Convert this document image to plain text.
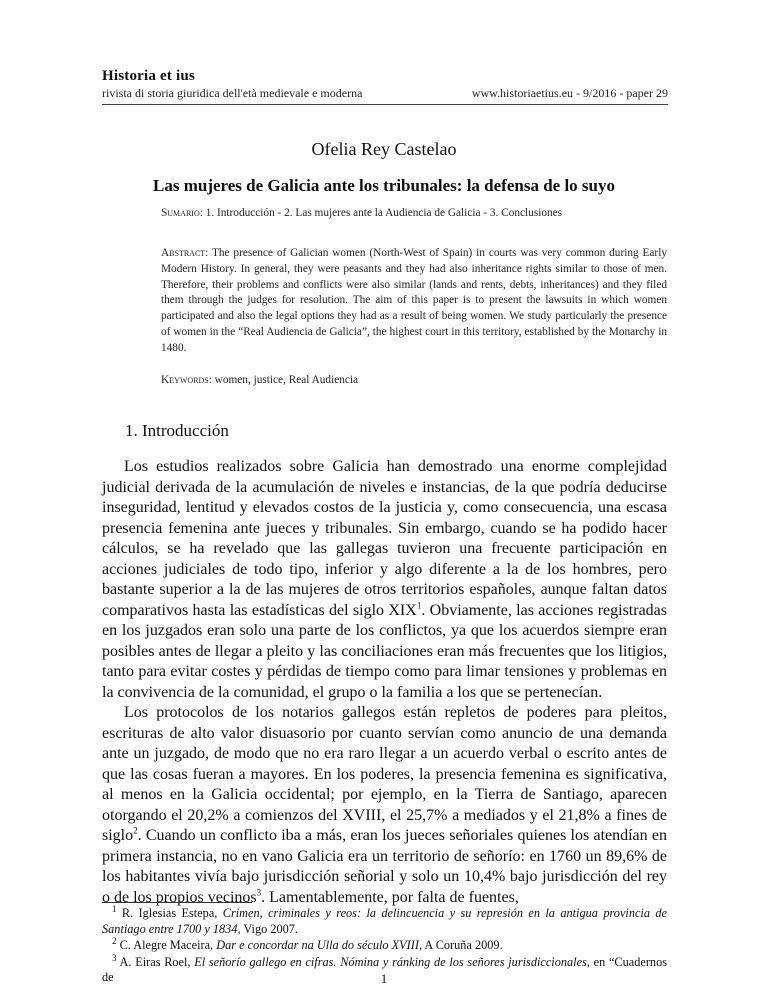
Historia et ius
rivista di storia giuridica dell'età medievale e moderna	www.historiaetius.eu - 9/2016 - paper 29
Ofelia Rey Castelao
Las mujeres de Galicia ante los tribunales: la defensa de lo suyo
Sumario: 1. Introducción - 2. Las mujeres ante la Audiencia de Galicia - 3. Conclusiones
Abstract: The presence of Galician women (North-West of Spain) in courts was very common during Early Modern History. In general, they were peasants and they had also inheritance rights similar to those of men. Therefore, their problems and conflicts were also similar (lands and rents, debts, inheritances) and they filed them through the judges for resolution. The aim of this paper is to present the lawsuits in which women participated and also the legal options they had as a result of being women. We study particularly the presence of women in the “Real Audiencia de Galicia”, the highest court in this territory, established by the Monarchy in 1480.
Keywords: women, justice, Real Audiencia
1. Introducción

Los estudios realizados sobre Galicia han demostrado una enorme complejidad judicial derivada de la acumulación de niveles e instancias, de la que podría deducirse inseguridad, lentitud y elevados costos de la justicia y, como consecuencia, una escasa presencia femenina ante jueces y tribunales. Sin embargo, cuando se ha podido hacer cálculos, se ha revelado que las gallegas tuvieron una frecuente participación en acciones judiciales de todo tipo, inferior y algo diferente a la de los hombres, pero bastante superior a la de las mujeres de otros territorios españoles, aunque faltan datos comparativos hasta las estadísticas del siglo XIX$^1$. Obviamente, las acciones registradas en los juzgados eran solo una parte de los conflictos, ya que los acuerdos siempre eran posibles antes de llegar a pleito y las conciliaciones eran más frecuentes que los litigios, tanto para evitar costes y pérdidas de tiempo como para limar tensiones y problemas en la convivencia de la comunidad, el grupo o la familia a los que se pertenecían.

Los protocolos de los notarios gallegos están repletos de poderes para pleitos, escrituras de alto valor disuasorio por cuanto servían como anuncio de una demanda ante un juzgado, de modo que no era raro llegar a un acuerdo verbal o escrito antes de que las cosas fueran a mayores. En los poderes, la presencia femenina es significativa, al menos en la Galicia occidental; por ejemplo, en la Tierra de Santiago, aparecen otorgando el 20,2% a comienzos del XVIII, el 25,7% a mediados y el 21,8% a fines de siglo$^2$. Cuando un conflicto iba a más, eran los jueces señoriales quienes los atendían en primera instancia, no en vano Galicia era un territorio de señorío: en 1760 un 89,6% de los habitantes vivía bajo jurisdicción señorial y solo un 10,4% bajo jurisdicción del rey o de los propios vecinos$^3$. Lamentablemente, por falta de fuentes,

$^1$ R. Iglesias Estepa, Crimen, criminales y reos: la delincuencia y su represión en la antigua provincia de Santiago entre 1700 y 1834, Vigo 2007.

$^2$ C. Alegre Maceira, Dar e concordar na Ulla do século XVIII, A Coruña 2009.

$^3$ A. Eiras Roel, El señorío gallego en cifras. Nómina y ránking de los señores jurisdiccionales, en “Cuadernos de	1
